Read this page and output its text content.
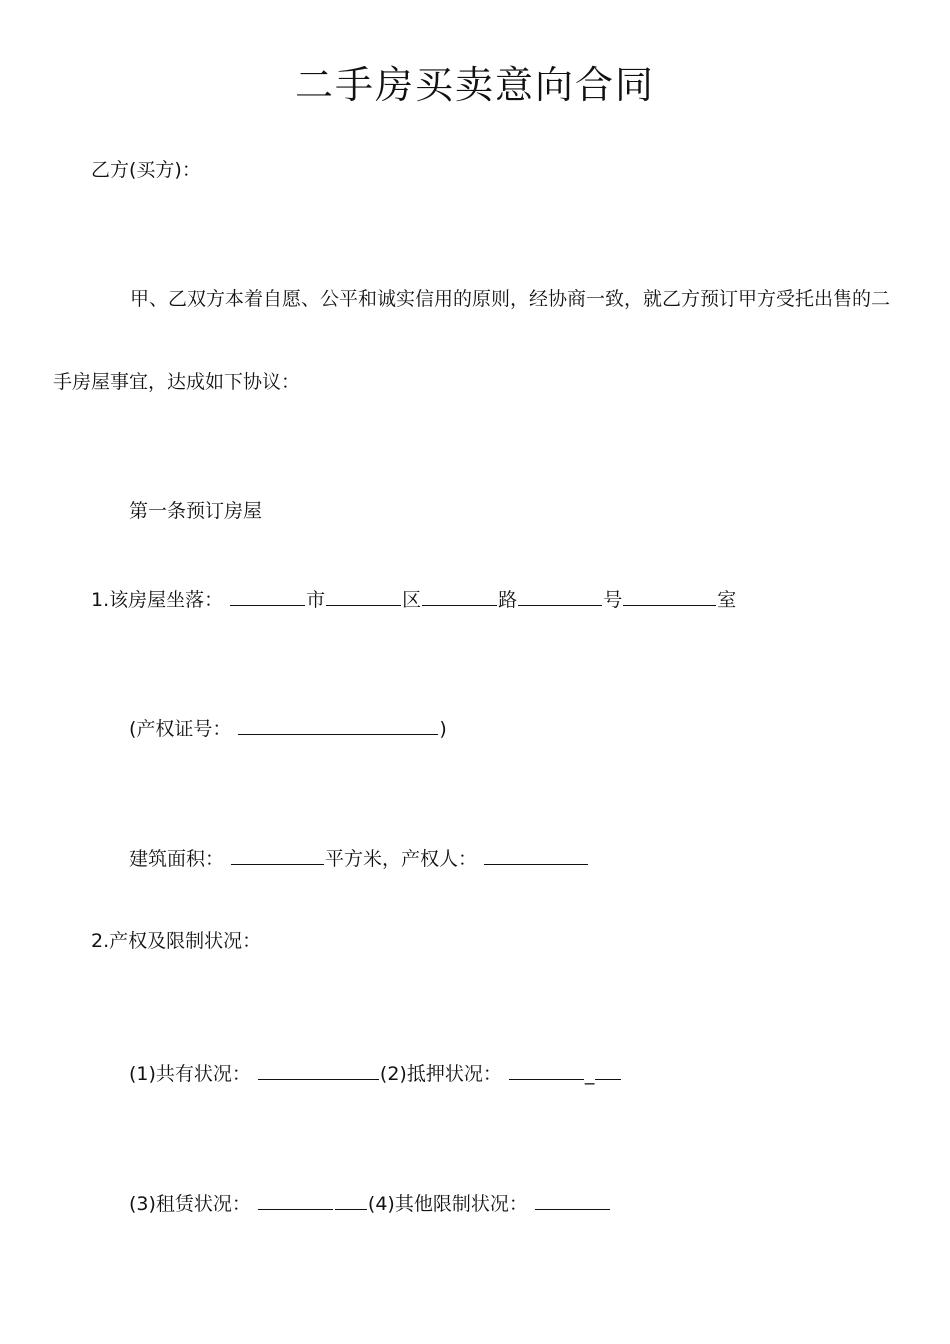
二手房买卖意向合同
乙方(买方)：
甲、乙双方本着自愿、公平和诚实信用的原则，经协商一致，就乙方预订甲方受托出售的二
手房屋事宜，达成如下协议：
第一条预订房屋
1.该房屋坐落：	市	区	路	号	室
(产权证号：	)
建筑面积：	平方米，产权人：
2.产权及限制状况：
(1)共有状况：	(2)抵押状况：	_
(3)租赁状况：	(4)其他限制状况：
